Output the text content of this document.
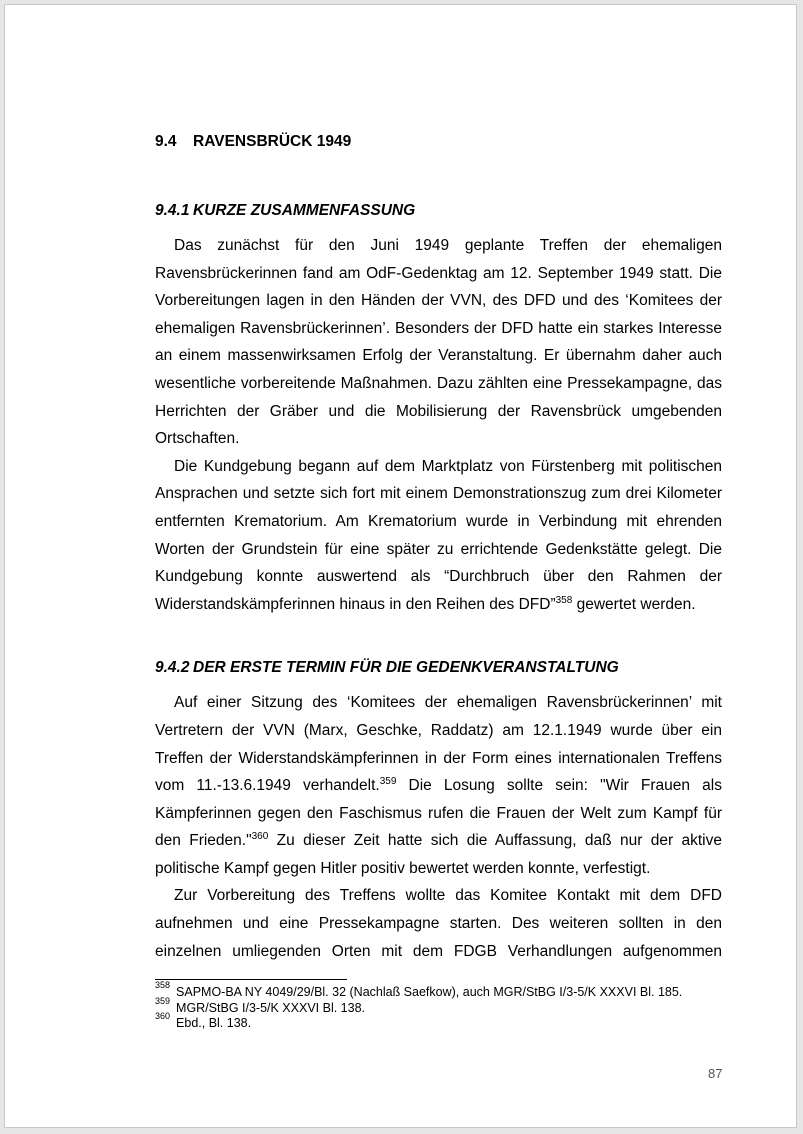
9.4	RAVENSBRÜCK 1949
9.4.1 KURZE ZUSAMMENFASSUNG

Das zunächst für den Juni 1949 geplante Treffen der ehemaligen Ravensbrückerinnen fand am OdF-Gedenktag am 12. September 1949 statt. Die Vorbereitungen lagen in den Händen der VVN, des DFD und des ‘Komitees der ehemaligen Ravensbrückerinnen’. Besonders der DFD hatte ein starkes Interesse an einem massenwirksamen Erfolg der Veranstaltung. Er übernahm daher auch wesentliche vorbereitende Maßnahmen. Dazu zählten eine Pressekampagne, das Herrichten der Gräber und die Mobilisierung der Ravensbrück umgebenden Ortschaften.

Die Kundgebung begann auf dem Marktplatz von Fürstenberg mit politischen Ansprachen und setzte sich fort mit einem Demonstrationszug zum drei Kilometer entfernten Krematorium. Am Krematorium wurde in Verbindung mit ehrenden Worten der Grundstein für eine später zu errichtende Gedenkstätte gelegt. Die Kundgebung konnte auswertend als “Durchbruch über den Rahmen der Widerstandskämpferinnen hinaus in den Reihen des DFD”$^{358}$ gewertet werden.

9.4.2 DER ERSTE TERMIN FÜR DIE GEDENKVERANSTALTUNG

Auf einer Sitzung des ‘Komitees der ehemaligen Ravensbrückerinnen’ mit Vertretern der VVN (Marx, Geschke, Raddatz) am 12.1.1949 wurde über ein Treffen der Widerstandskämpferinnen in der Form eines internationalen Treffens vom 11.-13.6.1949 verhandelt.$^{359}$ Die Losung sollte sein: "Wir Frauen als Kämpferinnen gegen den Faschismus rufen die Frauen der Welt zum Kampf für den Frieden."$^{360}$ Zu dieser Zeit hatte sich die Auffassung, daß nur der aktive politische Kampf gegen Hitler positiv bewertet werden konnte, verfestigt.

Zur Vorbereitung des Treffens wollte das Komitee Kontakt mit dem DFD aufnehmen und eine Pressekampagne starten. Des weiteren sollten in den einzelnen umliegenden Orten mit dem FDGB Verhandlungen aufgenommen

358 SAPMO-BA NY 4049/29/Bl. 32 (Nachlaß Saefkow), auch MGR/StBG I/3-5/K XXXVI Bl. 185.
359 MGR/StBG I/3-5/K XXXVI Bl. 138.
360 Ebd., Bl. 138.
87
